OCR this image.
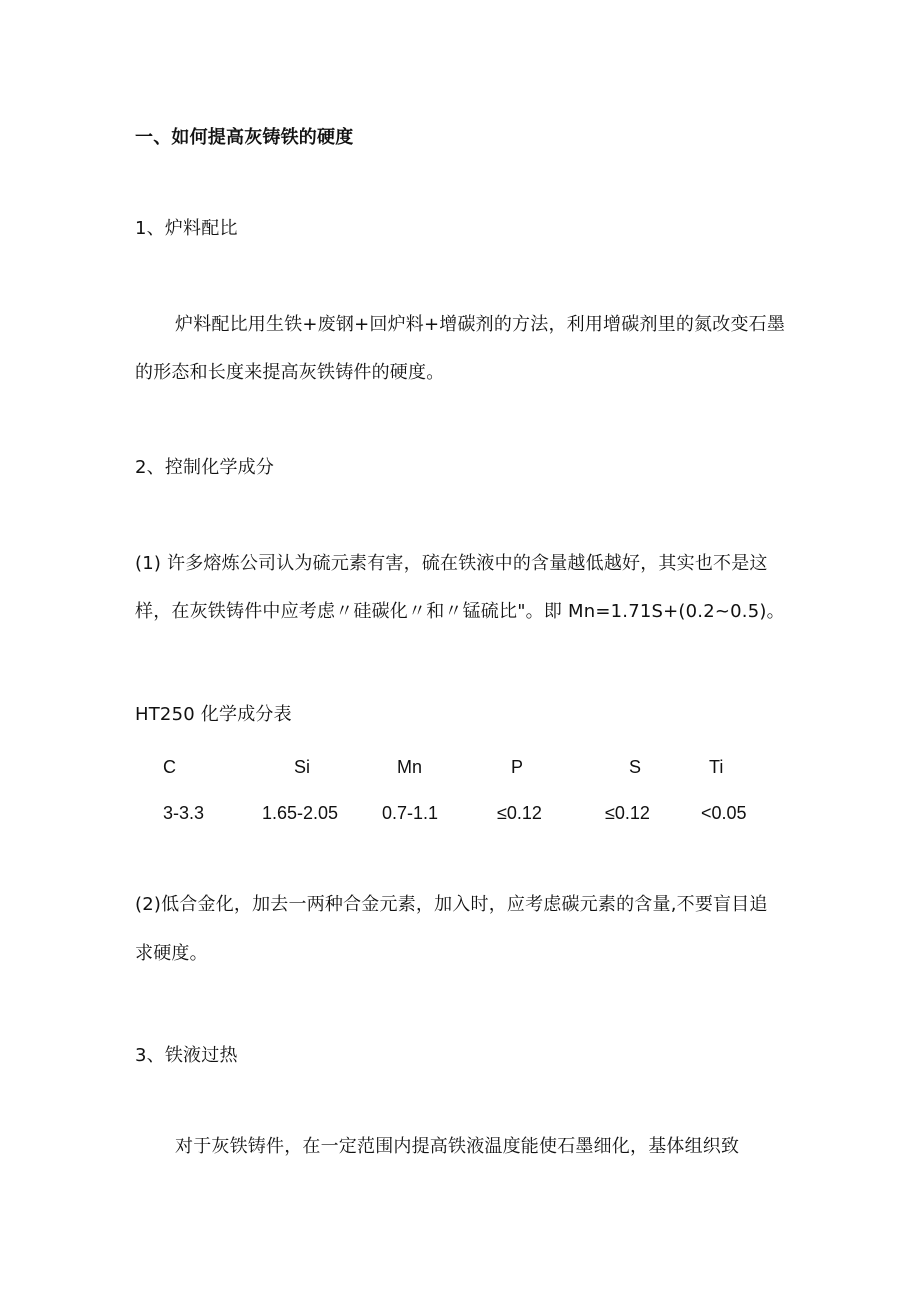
一、如何提高灰铸铁的硬度
1、炉料配比
炉料配比用生铁+废钢+回炉料+增碳剂的方法，利用增碳剂里的氮改变石墨
的形态和长度来提高灰铁铸件的硬度。
2、控制化学成分
(1) 许多熔炼公司认为硫元素有害，硫在铁液中的含量越低越好，其实也不是这
样，在灰铁铸件中应考虑〃硅碳化〃和〃锰硫比"。即 Mn=1.71S+(0.2~0.5)。
HT250 化学成分表
C	Si	Mn	P	S	Ti
3-3.3	1.65-2.05 0.7-1.1	≤0.12	≤0.12	<0.05
(2)低合金化，加去一两种合金元素，加入时，应考虑碳元素的含量,不要盲目追
求硬度。
3、铁液过热
对于灰铁铸件，在一定范围内提高铁液温度能使石墨细化，基体组织致
